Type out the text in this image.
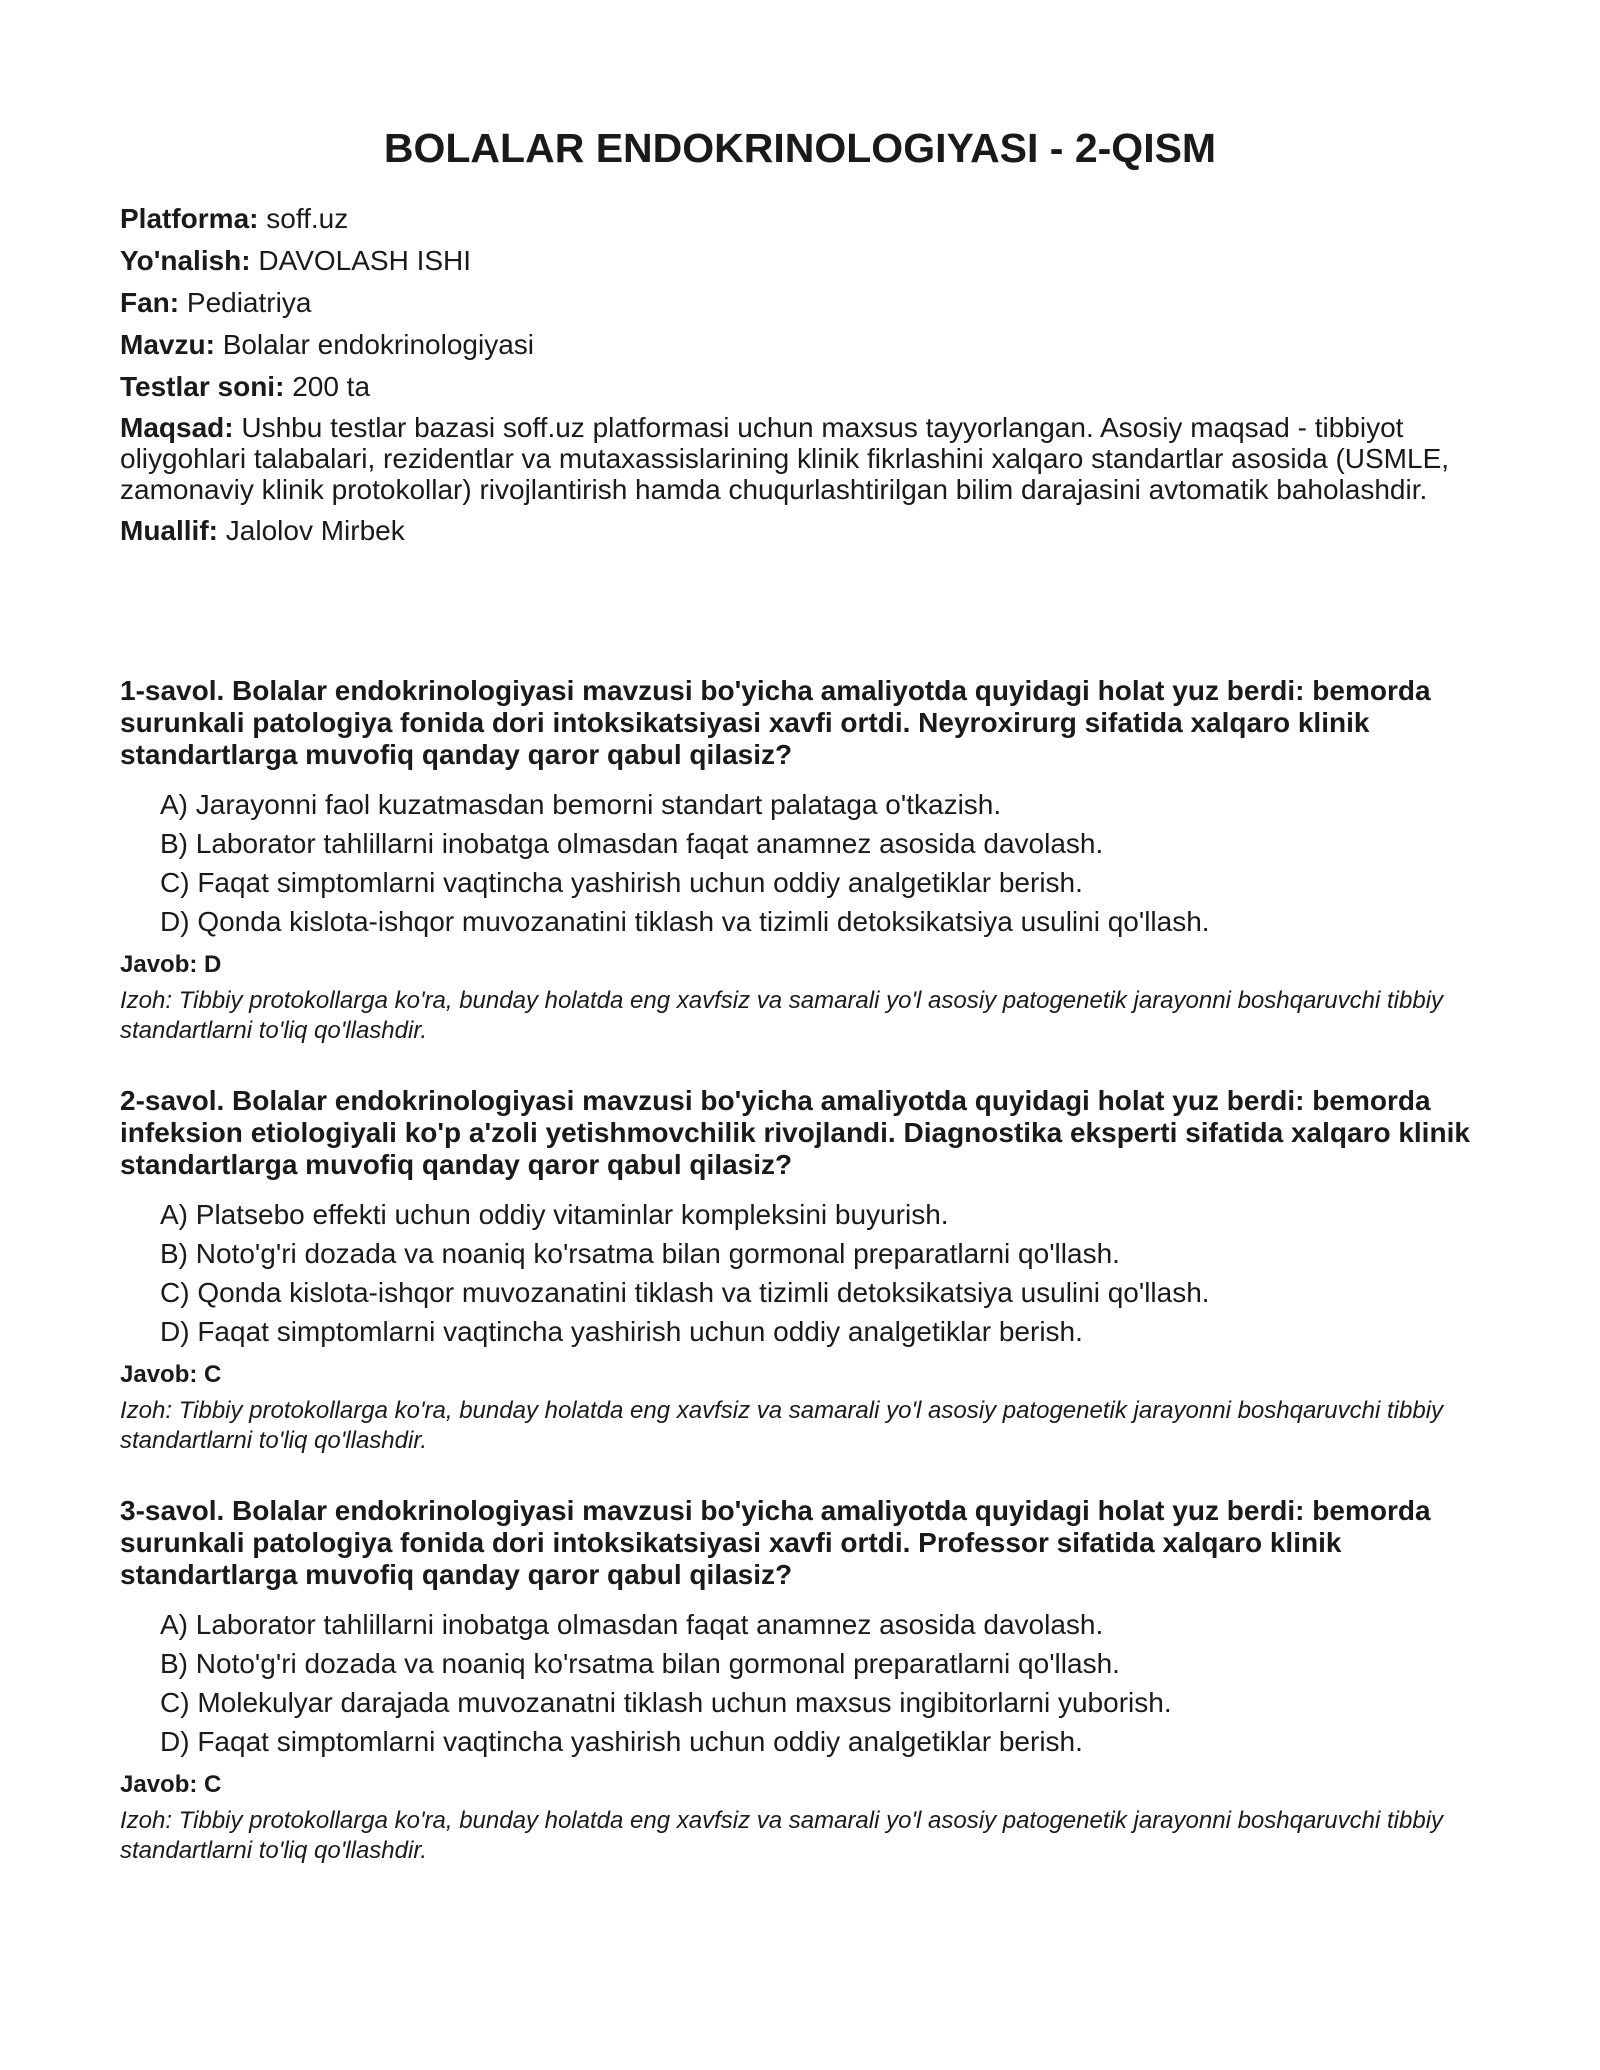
BOLALAR ENDOKRINOLOGIYASI - 2-QISM
Platforma: soff.uz
Yo'nalish: DAVOLASH ISHI
Fan: Pediatriya
Mavzu: Bolalar endokrinologiyasi
Testlar soni: 200 ta
Maqsad: Ushbu testlar bazasi soff.uz platformasi uchun maxsus tayyorlangan. Asosiy maqsad - tibbiyot oliygohlari talabalari, rezidentlar va mutaxassislarining klinik fikrlashini xalqaro standartlar asosida (USMLE, zamonaviy klinik protokollar) rivojlantirish hamda chuqurlashtirilgan bilim darajasini avtomatik baholashdir.
Muallif: Jalolov Mirbek
1-savol. Bolalar endokrinologiyasi mavzusi bo'yicha amaliyotda quyidagi holat yuz berdi: bemorda surunkali patologiya fonida dori intoksikatsiyasi xavfi ortdi. Neyroxirurg sifatida xalqaro klinik standartlarga muvofiq qanday qaror qabul qilasiz?
A) Jarayonni faol kuzatmasdan bemorni standart palataga o'tkazish.
B) Laborator tahlillarni inobatga olmasdan faqat anamnez asosida davolash.
C) Faqat simptomlarni vaqtincha yashirish uchun oddiy analgetiklar berish.
D) Qonda kislota-ishqor muvozanatini tiklash va tizimli detoksikatsiya usulini qo'llash.
Javob: D
Izoh: Tibbiy protokollarga ko'ra, bunday holatda eng xavfsiz va samarali yo'l asosiy patogenetik jarayonni boshqaruvchi tibbiy standartlarni to'liq qo'llashdir.
2-savol. Bolalar endokrinologiyasi mavzusi bo'yicha amaliyotda quyidagi holat yuz berdi: bemorda infeksion etiologiyali ko'p a'zoli yetishmovchilik rivojlandi. Diagnostika eksperti sifatida xalqaro klinik standartlarga muvofiq qanday qaror qabul qilasiz?
A) Platsebo effekti uchun oddiy vitaminlar kompleksini buyurish.
B) Noto'g'ri dozada va noaniq ko'rsatma bilan gormonal preparatlarni qo'llash.
C) Qonda kislota-ishqor muvozanatini tiklash va tizimli detoksikatsiya usulini qo'llash.
D) Faqat simptomlarni vaqtincha yashirish uchun oddiy analgetiklar berish.
Javob: C
Izoh: Tibbiy protokollarga ko'ra, bunday holatda eng xavfsiz va samarali yo'l asosiy patogenetik jarayonni boshqaruvchi tibbiy standartlarni to'liq qo'llashdir.
3-savol. Bolalar endokrinologiyasi mavzusi bo'yicha amaliyotda quyidagi holat yuz berdi: bemorda surunkali patologiya fonida dori intoksikatsiyasi xavfi ortdi. Professor sifatida xalqaro klinik standartlarga muvofiq qanday qaror qabul qilasiz?
A) Laborator tahlillarni inobatga olmasdan faqat anamnez asosida davolash.
B) Noto'g'ri dozada va noaniq ko'rsatma bilan gormonal preparatlarni qo'llash.
C) Molekulyar darajada muvozanatni tiklash uchun maxsus ingibitorlarni yuborish.
D) Faqat simptomlarni vaqtincha yashirish uchun oddiy analgetiklar berish.
Javob: C
Izoh: Tibbiy protokollarga ko'ra, bunday holatda eng xavfsiz va samarali yo'l asosiy patogenetik jarayonni boshqaruvchi tibbiy standartlarni to'liq qo'llashdir.
